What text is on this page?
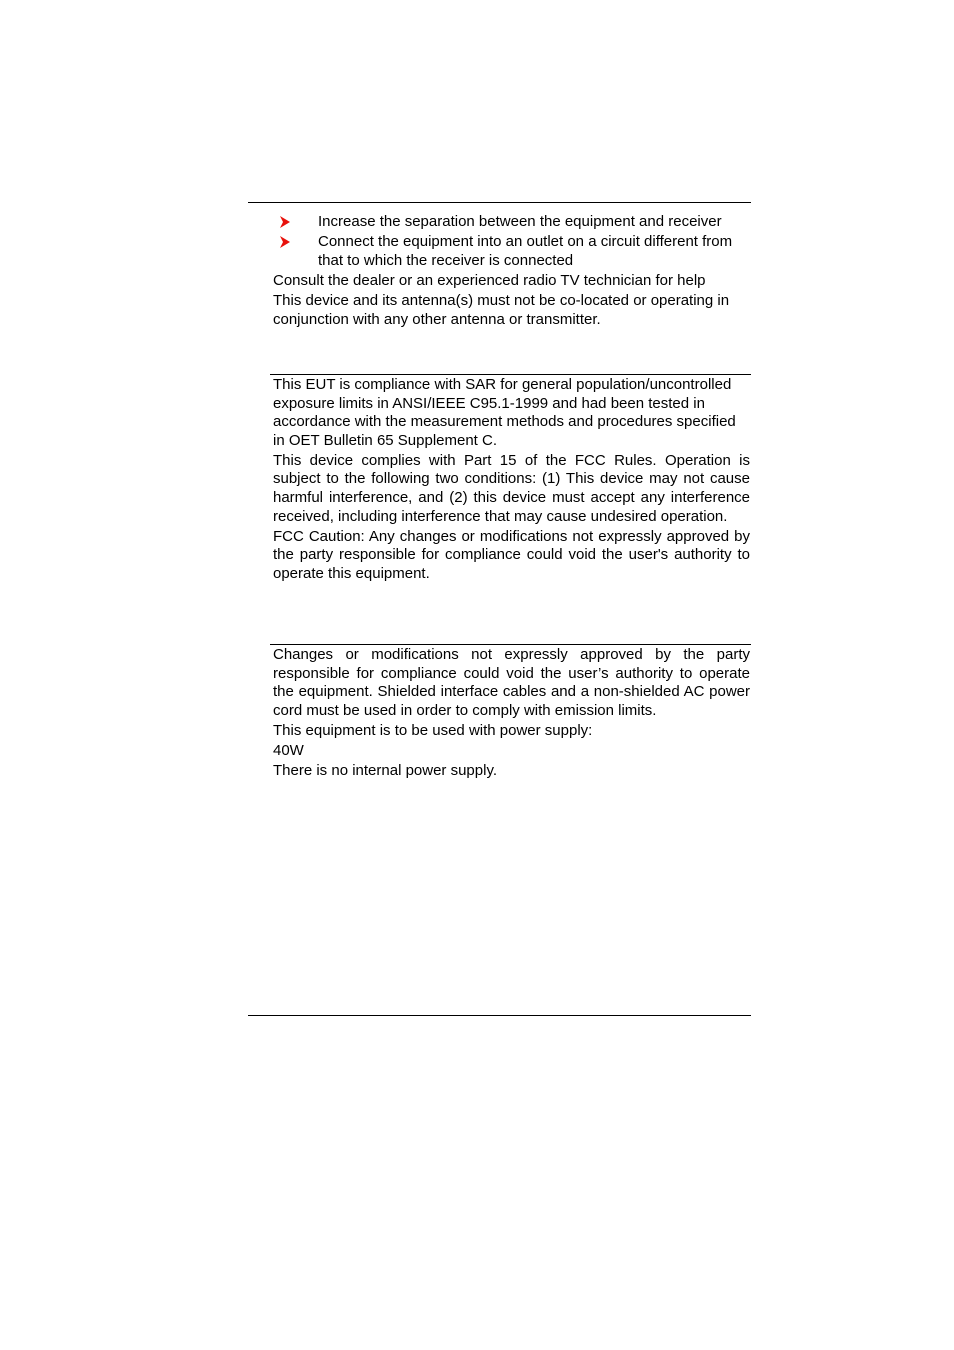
Increase the separation between the equipment and receiver
Connect the equipment into an outlet on a circuit different from that to which the receiver is connected

Consult the dealer or an experienced radio TV technician for help

This device and its antenna(s) must not be co-located or operating in conjunction with any other antenna or transmitter.

This EUT is compliance with SAR for general population/uncontrolled exposure limits in ANSI/IEEE C95.1-1999 and had been tested in accordance with the measurement methods and procedures specified in OET Bulletin 65 Supplement C.

This device complies with Part 15 of the FCC Rules. Operation is subject to the following two conditions: (1) This device may not cause harmful interference, and (2) this device must accept any interference received, including interference that may cause undesired operation.

FCC Caution: Any changes or modifications not expressly approved by the party responsible for compliance could void the user's authority to operate this equipment.

Changes or modifications not expressly approved by the party responsible for compliance could void the user’s authority to operate the equipment. Shielded interface cables and a non-shielded AC power cord must be used in order to comply with emission limits.

This equipment is to be used with power supply:

40W

There is no internal power supply.
